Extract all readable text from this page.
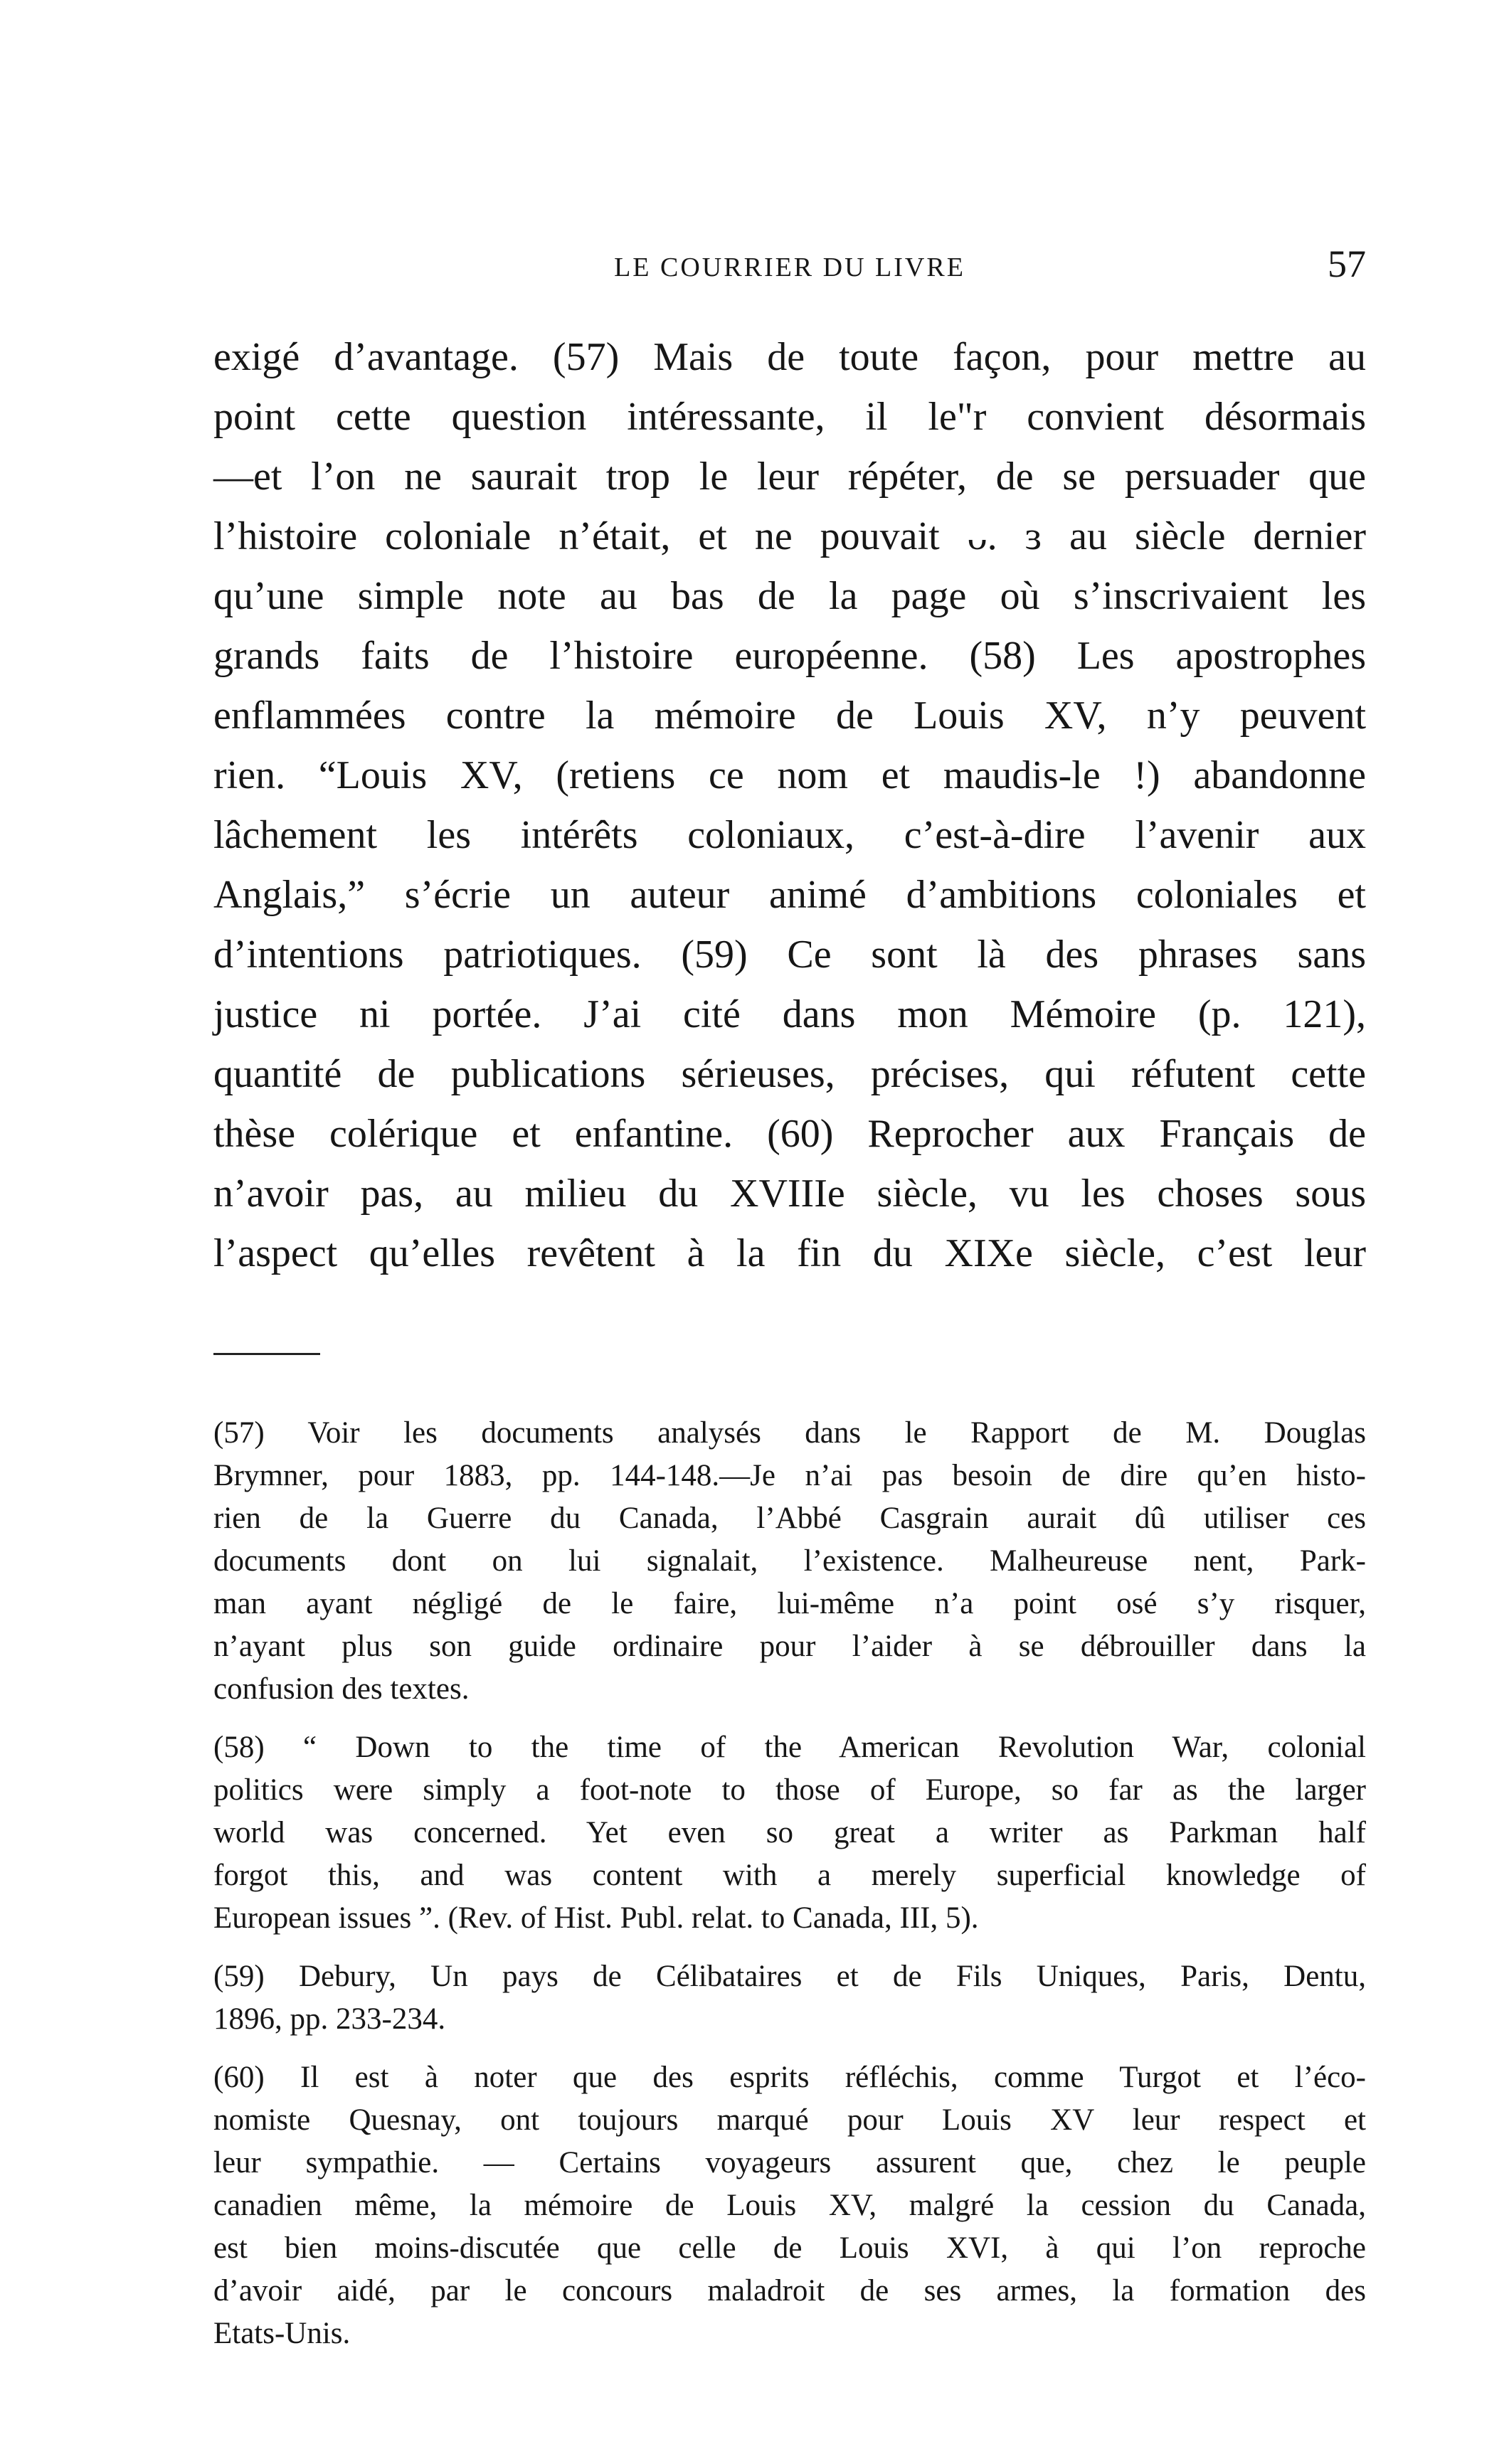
LE COURRIER DU LIVRE	57
exigé d’avantage. (57) Mais de toute façon, pour mettre au
point cette question intéressante, il le"r convient désormais
—et l’on ne saurait trop le leur répéter, de se persuader que
l’histoire coloniale n’était, et ne pouvait ᴗ. ɜ au siècle dernier
qu’une simple note au bas de la page où s’inscrivaient les
grands faits de l’histoire européenne. (58) Les apostrophes
enflammées contre la mémoire de Louis XV, n’y peuvent
rien. “Louis XV, (retiens ce nom et maudis-le !) abandonne
lâchement les intérêts coloniaux, c’est-à-dire l’avenir aux
Anglais,” s’écrie un auteur animé d’ambitions coloniales et
d’intentions patriotiques. (59) Ce sont là des phrases sans
justice ni portée. J’ai cité dans mon Mémoire (p. 121),
quantité de publications sérieuses, précises, qui réfutent cette
thèse colérique et enfantine. (60) Reprocher aux Français de
n’avoir pas, au milieu du XVIIIe siècle, vu les choses sous
l’aspect qu’elles revêtent à la fin du XIXe siècle, c’est leur
(57) Voir les documents analysés dans le Rapport de M. Douglas
Brymner, pour 1883, pp. 144-148.—Je n’ai pas besoin de dire qu’en histo-
rien de la Guerre du Canada, l’Abbé Casgrain aurait dû utiliser ces
documents dont on lui signalait, l’existence. Malheureuse nent, Park-
man ayant négligé de le faire, lui-même n’a point osé s’y risquer,
n’ayant plus son guide ordinaire pour l’aider à se débrouiller dans la
confusion des textes.
(58) “ Down to the time of the American Revolution War, colonial
politics were simply a foot-note to those of Europe, so far as the larger
world was concerned. Yet even so great a writer as Parkman half
forgot this, and was content with a merely superficial knowledge of
European issues ”. (Rev. of Hist. Publ. relat. to Canada, III, 5).
(59) Debury, Un pays de Célibataires et de Fils Uniques, Paris, Dentu,
1896, pp. 233-234.
(60) Il est à noter que des esprits réfléchis, comme Turgot et l’éco-
nomiste Quesnay, ont toujours marqué pour Louis XV leur respect et
leur sympathie. — Certains voyageurs assurent que, chez le peuple
canadien même, la mémoire de Louis XV, malgré la cession du Canada,
est bien moins-discutée que celle de Louis XVI, à qui l’on reproche
d’avoir aidé, par le concours maladroit de ses armes, la formation des
Etats-Unis.
